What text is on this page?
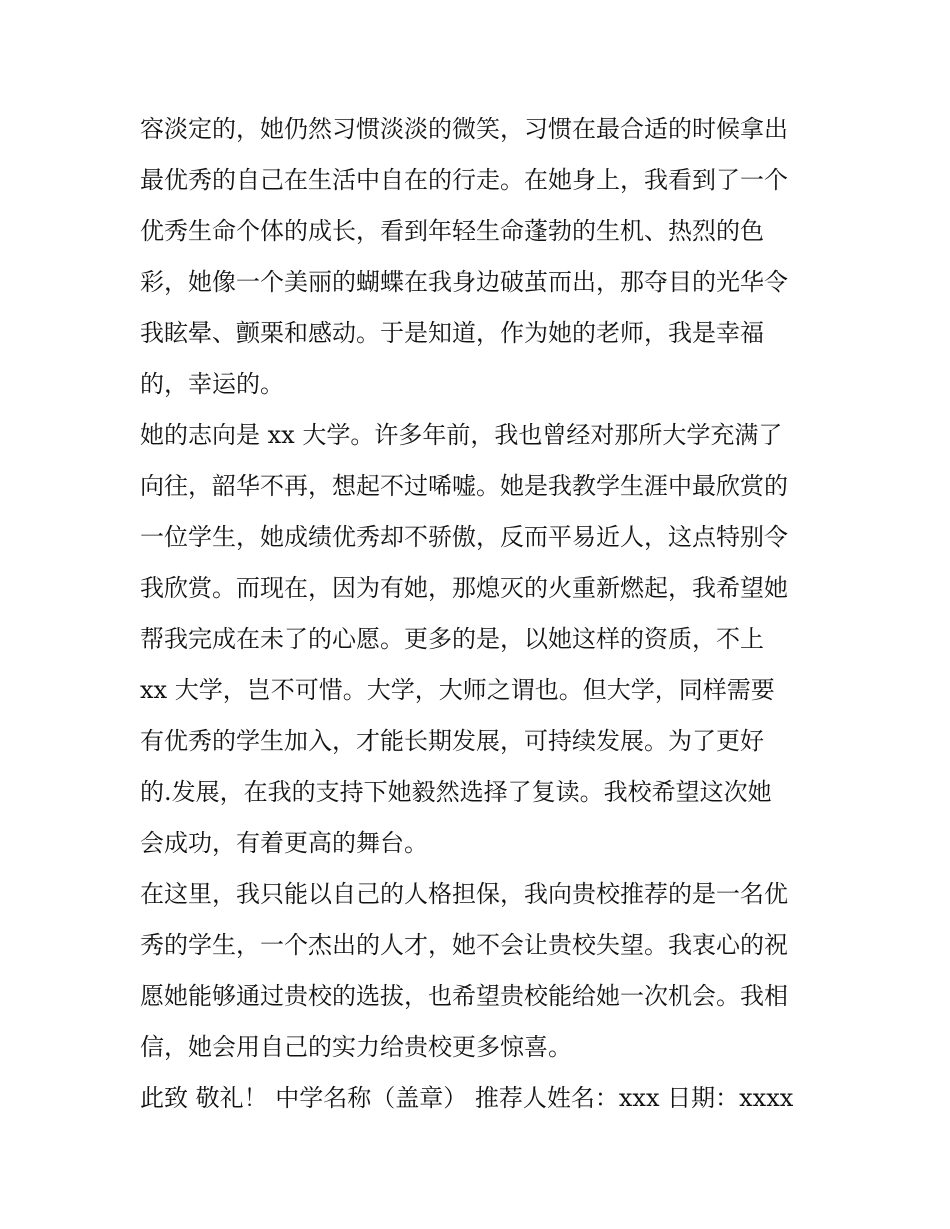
容淡定的，她仍然习惯淡淡的微笑，习惯在最合适的时候拿出
最优秀的自己在生活中自在的行走。在她身上，我看到了一个
优秀生命个体的成长，看到年轻生命蓬勃的生机、热烈的色
彩，她像一个美丽的蝴蝶在我身边破茧而出，那夺目的光华令
我眩晕、颤栗和感动。于是知道，作为她的老师，我是幸福
的，幸运的。
她的志向是 xx 大学。许多年前，我也曾经对那所大学充满了
向往，韶华不再，想起不过唏嘘。她是我教学生涯中最欣赏的
一位学生，她成绩优秀却不骄傲，反而平易近人，这点特别令
我欣赏。而现在，因为有她，那熄灭的火重新燃起，我希望她
帮我完成在未了的心愿。更多的是，以她这样的资质，不上
xx 大学，岂不可惜。大学，大师之谓也。但大学，同样需要
有优秀的学生加入，才能长期发展，可持续发展。为了更好
的.发展，在我的支持下她毅然选择了复读。我校希望这次她
会成功，有着更高的舞台。
在这里，我只能以自己的人格担保，我向贵校推荐的是一名优
秀的学生，一个杰出的人才，她不会让贵校失望。我衷心的祝
愿她能够通过贵校的选拔，也希望贵校能给她一次机会。我相
信，她会用自己的实力给贵校更多惊喜。
此致 敬礼！ 中学名称（盖章） 推荐人姓名：xxx 日期：xxxx
